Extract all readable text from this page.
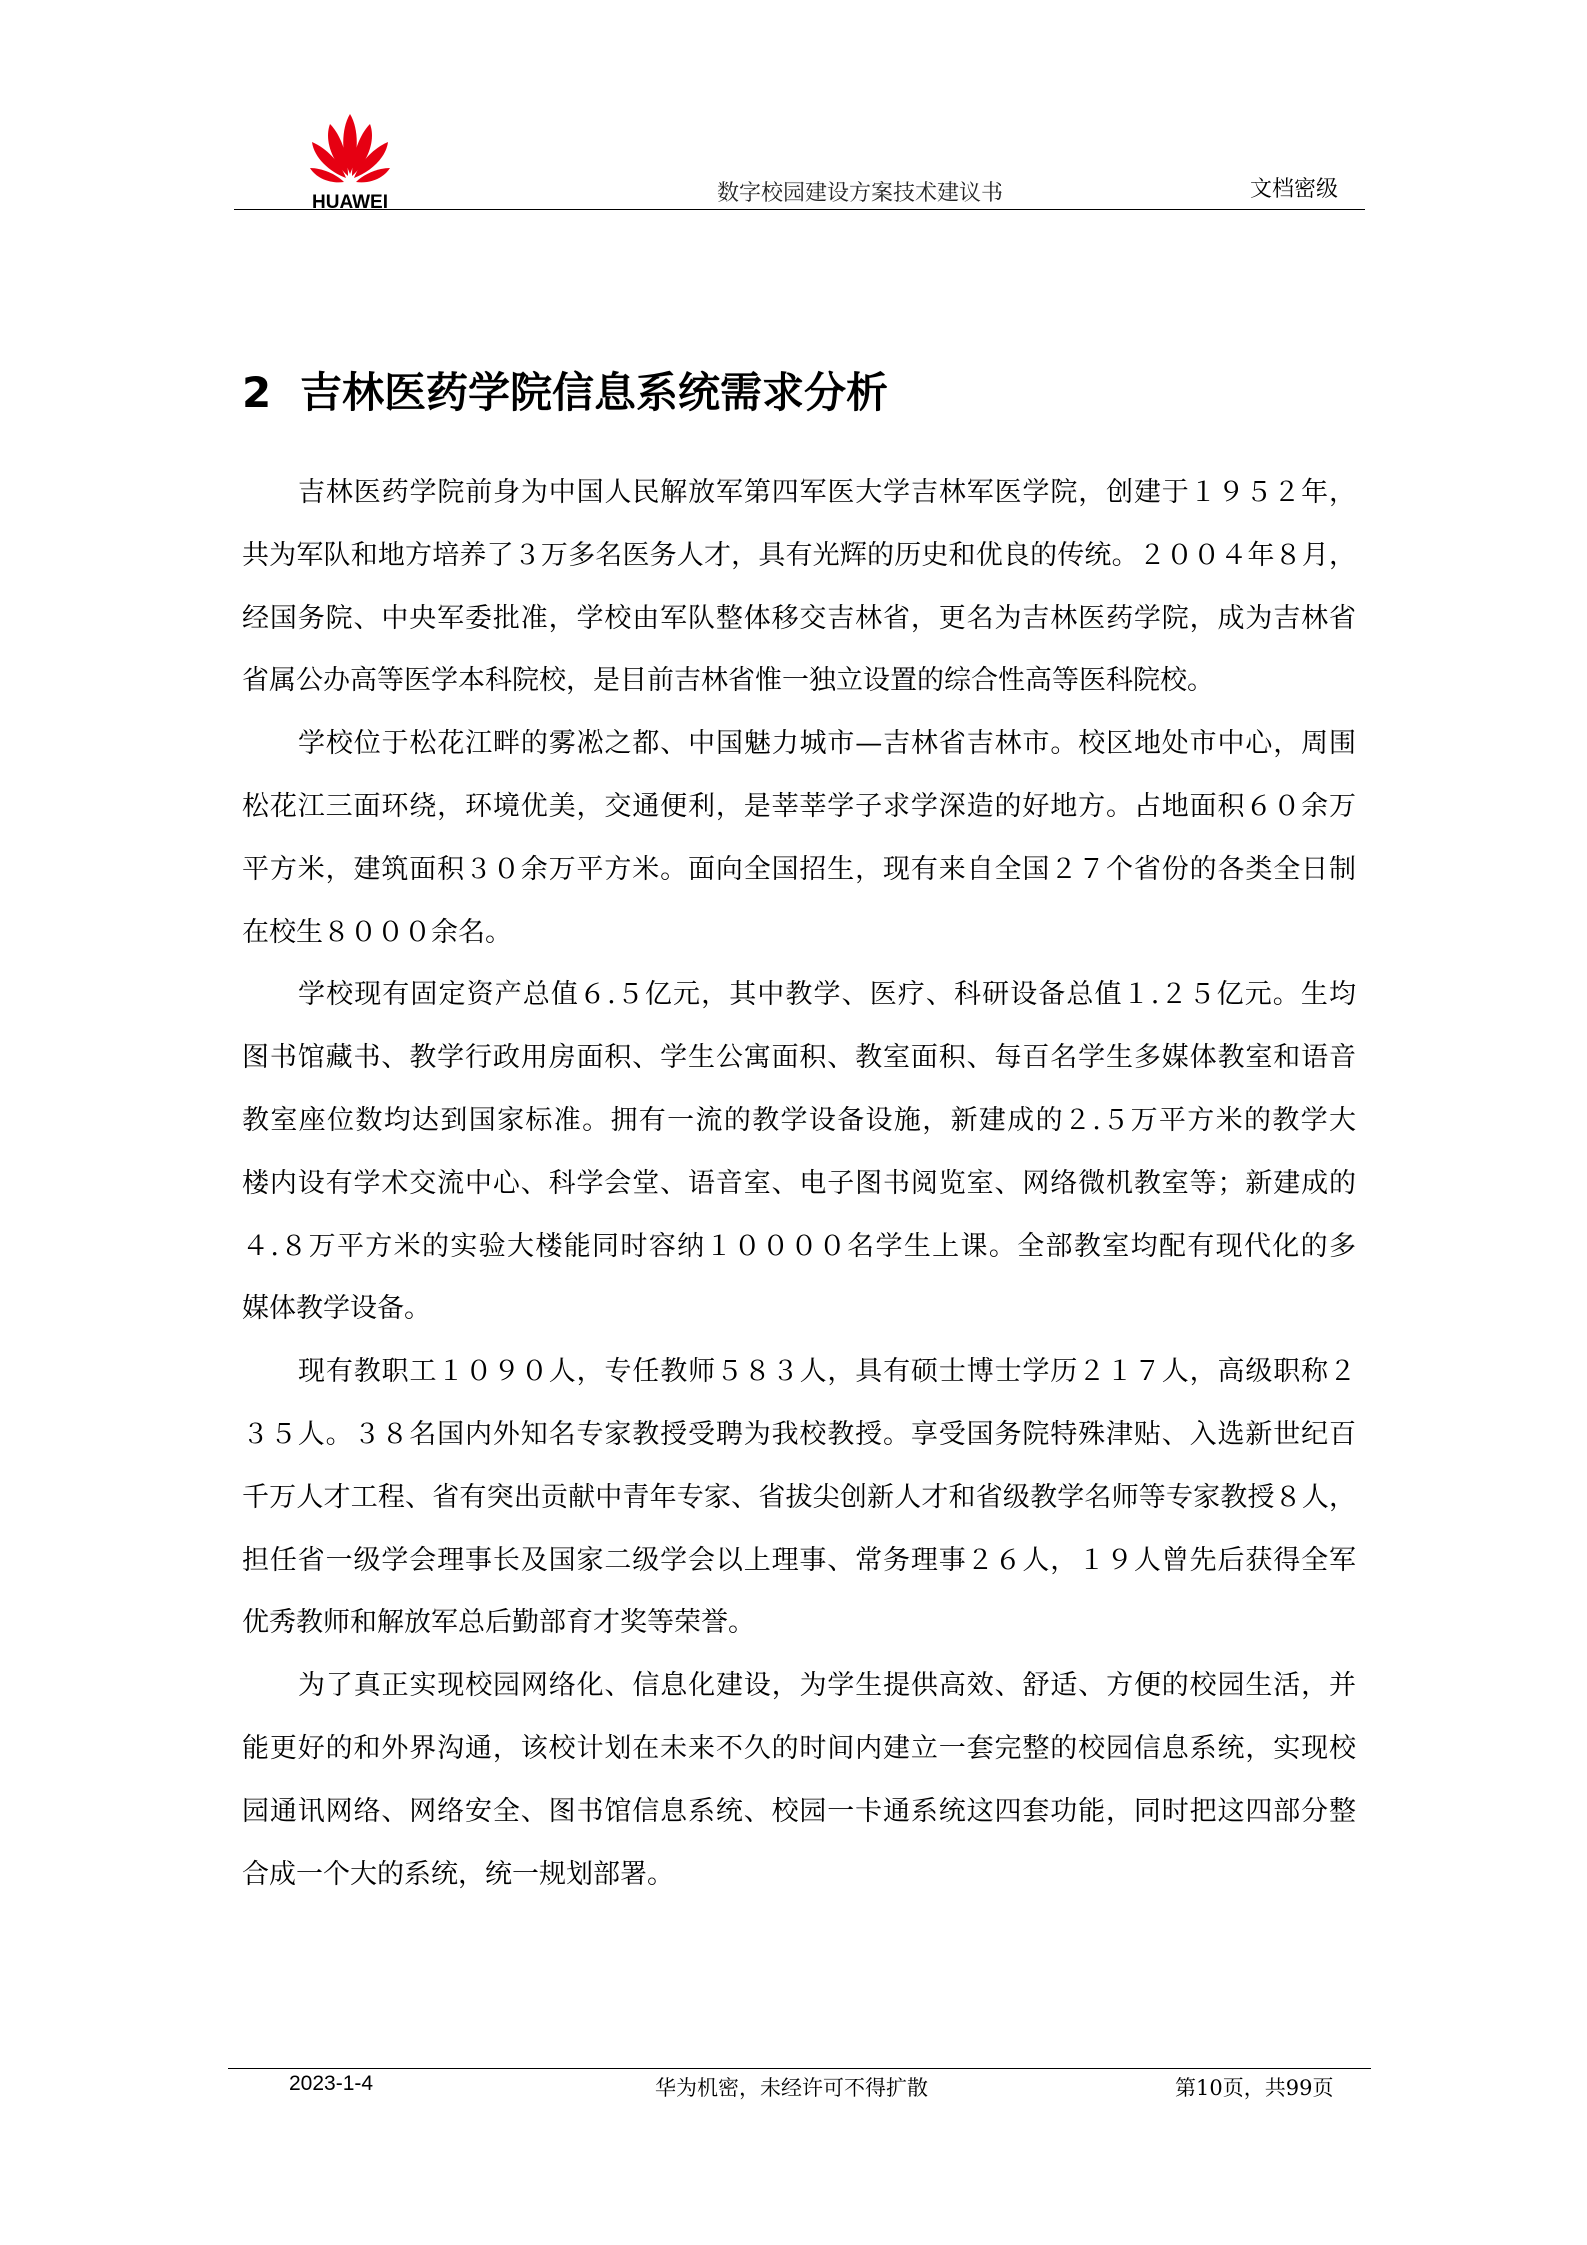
HUAWEI	数字校园建设方案技术建议书	文档密级
2 吉林医药学院信息系统需求分析
吉林医药学院前身为中国人民解放军第四军医大学吉林军医学院，创建于１９５２年，
共为军队和地方培养了３万多名医务人才，具有光辉的历史和优良的传统。２００４年８月，
经国务院、中央军委批准，学校由军队整体移交吉林省，更名为吉林医药学院，成为吉林省
省属公办高等医学本科院校，是目前吉林省惟一独立设置的综合性高等医科院校。
学校位于松花江畔的雾凇之都、中国魅力城市—吉林省吉林市。校区地处市中心，周围
松花江三面环绕，环境优美，交通便利，是莘莘学子求学深造的好地方。占地面积６０余万
平方米，建筑面积３０余万平方米。面向全国招生，现有来自全国２７个省份的各类全日制
在校生８０００余名。
学校现有固定资产总值６.５亿元，其中教学、医疗、科研设备总值１.２５亿元。生均
图书馆藏书、教学行政用房面积、学生公寓面积、教室面积、每百名学生多媒体教室和语音
教室座位数均达到国家标准。拥有一流的教学设备设施，新建成的２.５万平方米的教学大
楼内设有学术交流中心、科学会堂、语音室、电子图书阅览室、网络微机教室等；新建成的
４.８万平方米的实验大楼能同时容纳１００００名学生上课。全部教室均配有现代化的多
媒体教学设备。
现有教职工１０９０人，专任教师５８３人，具有硕士博士学历２１７人，高级职称２
３５人。３８名国内外知名专家教授受聘为我校教授。享受国务院特殊津贴、入选新世纪百
千万人才工程、省有突出贡献中青年专家、省拔尖创新人才和省级教学名师等专家教授８人，
担任省一级学会理事长及国家二级学会以上理事、常务理事２６人，１９人曾先后获得全军
优秀教师和解放军总后勤部育才奖等荣誉。
为了真正实现校园网络化、信息化建设，为学生提供高效、舒适、方便的校园生活，并
能更好的和外界沟通，该校计划在未来不久的时间内建立一套完整的校园信息系统，实现校
园通讯网络、网络安全、图书馆信息系统、校园一卡通系统这四套功能，同时把这四部分整
合成一个大的系统，统一规划部署。
2023-1-4	华为机密，未经许可不得扩散	第10页，共99页
